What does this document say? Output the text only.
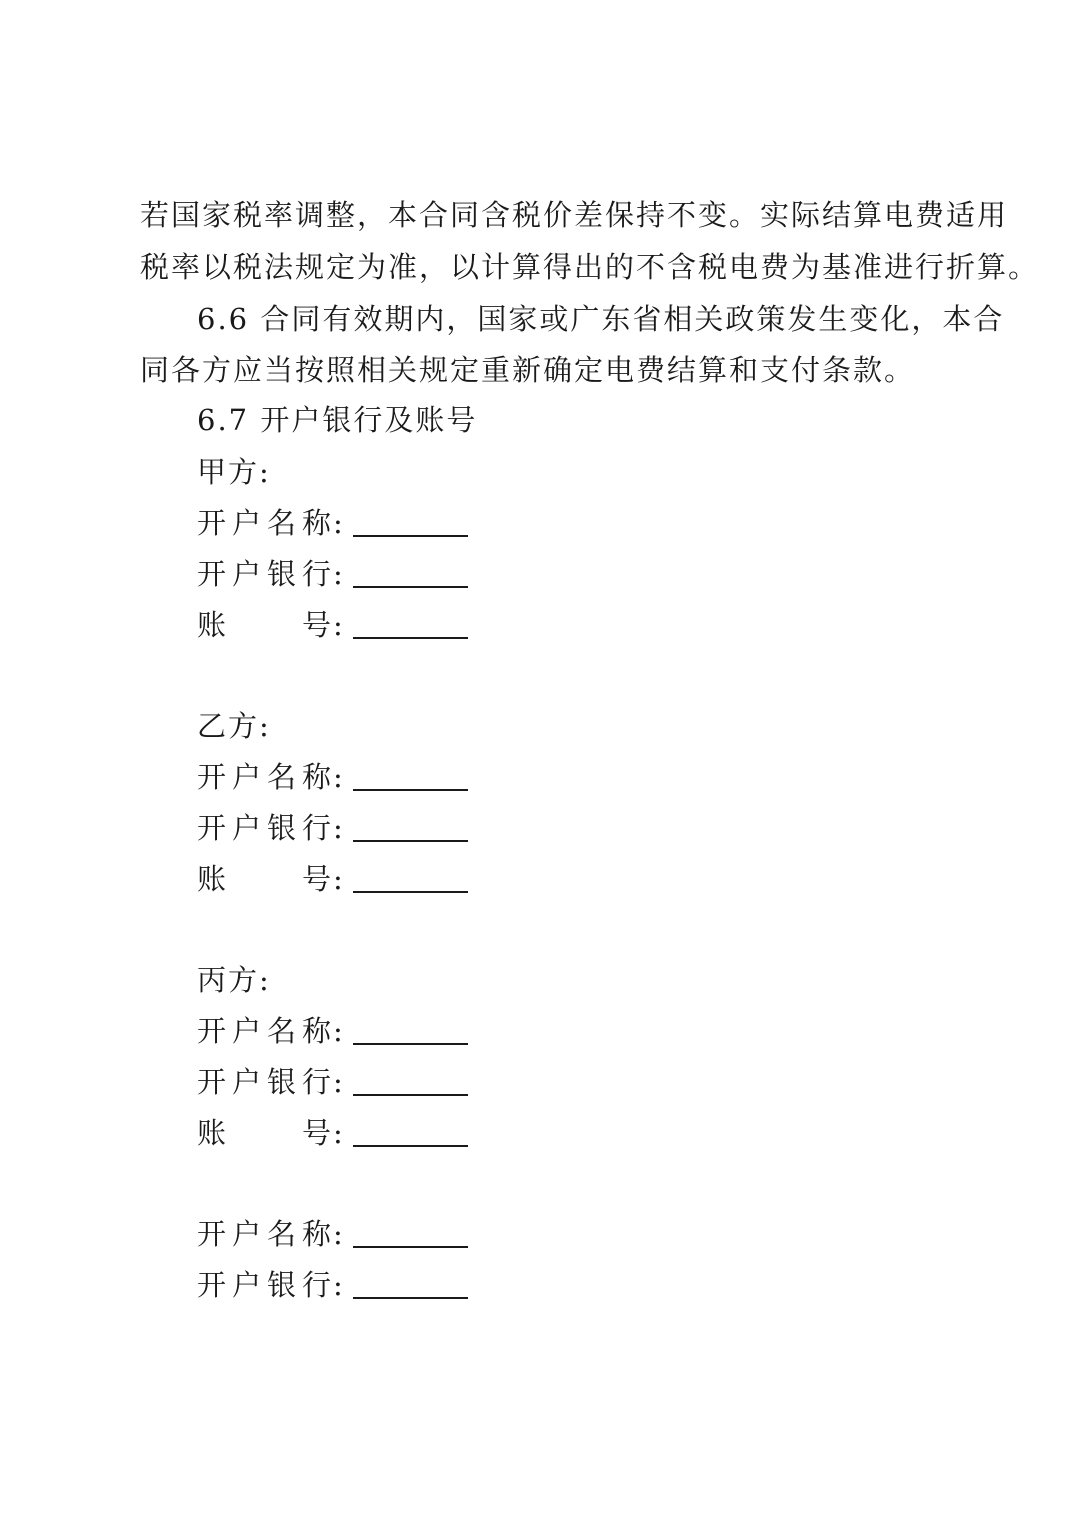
若国家税率调整，本合同含税价差保持不变。实际结算电费适用
税率以税法规定为准，以计算得出的不含税电费为基准进行折算。
6.6 合同有效期内，国家或广东省相关政策发生变化，本合
同各方应当按照相关规定重新确定电费结算和支付条款。
6.7 开户银行及账号
甲方:
开户名称:
开户银行:
账	号 :
乙方:
开户名称:
开户银行:
账	号 :
丙方:
开户名称:
开户银行:
账	号 :
开户名称:
开户银行:
